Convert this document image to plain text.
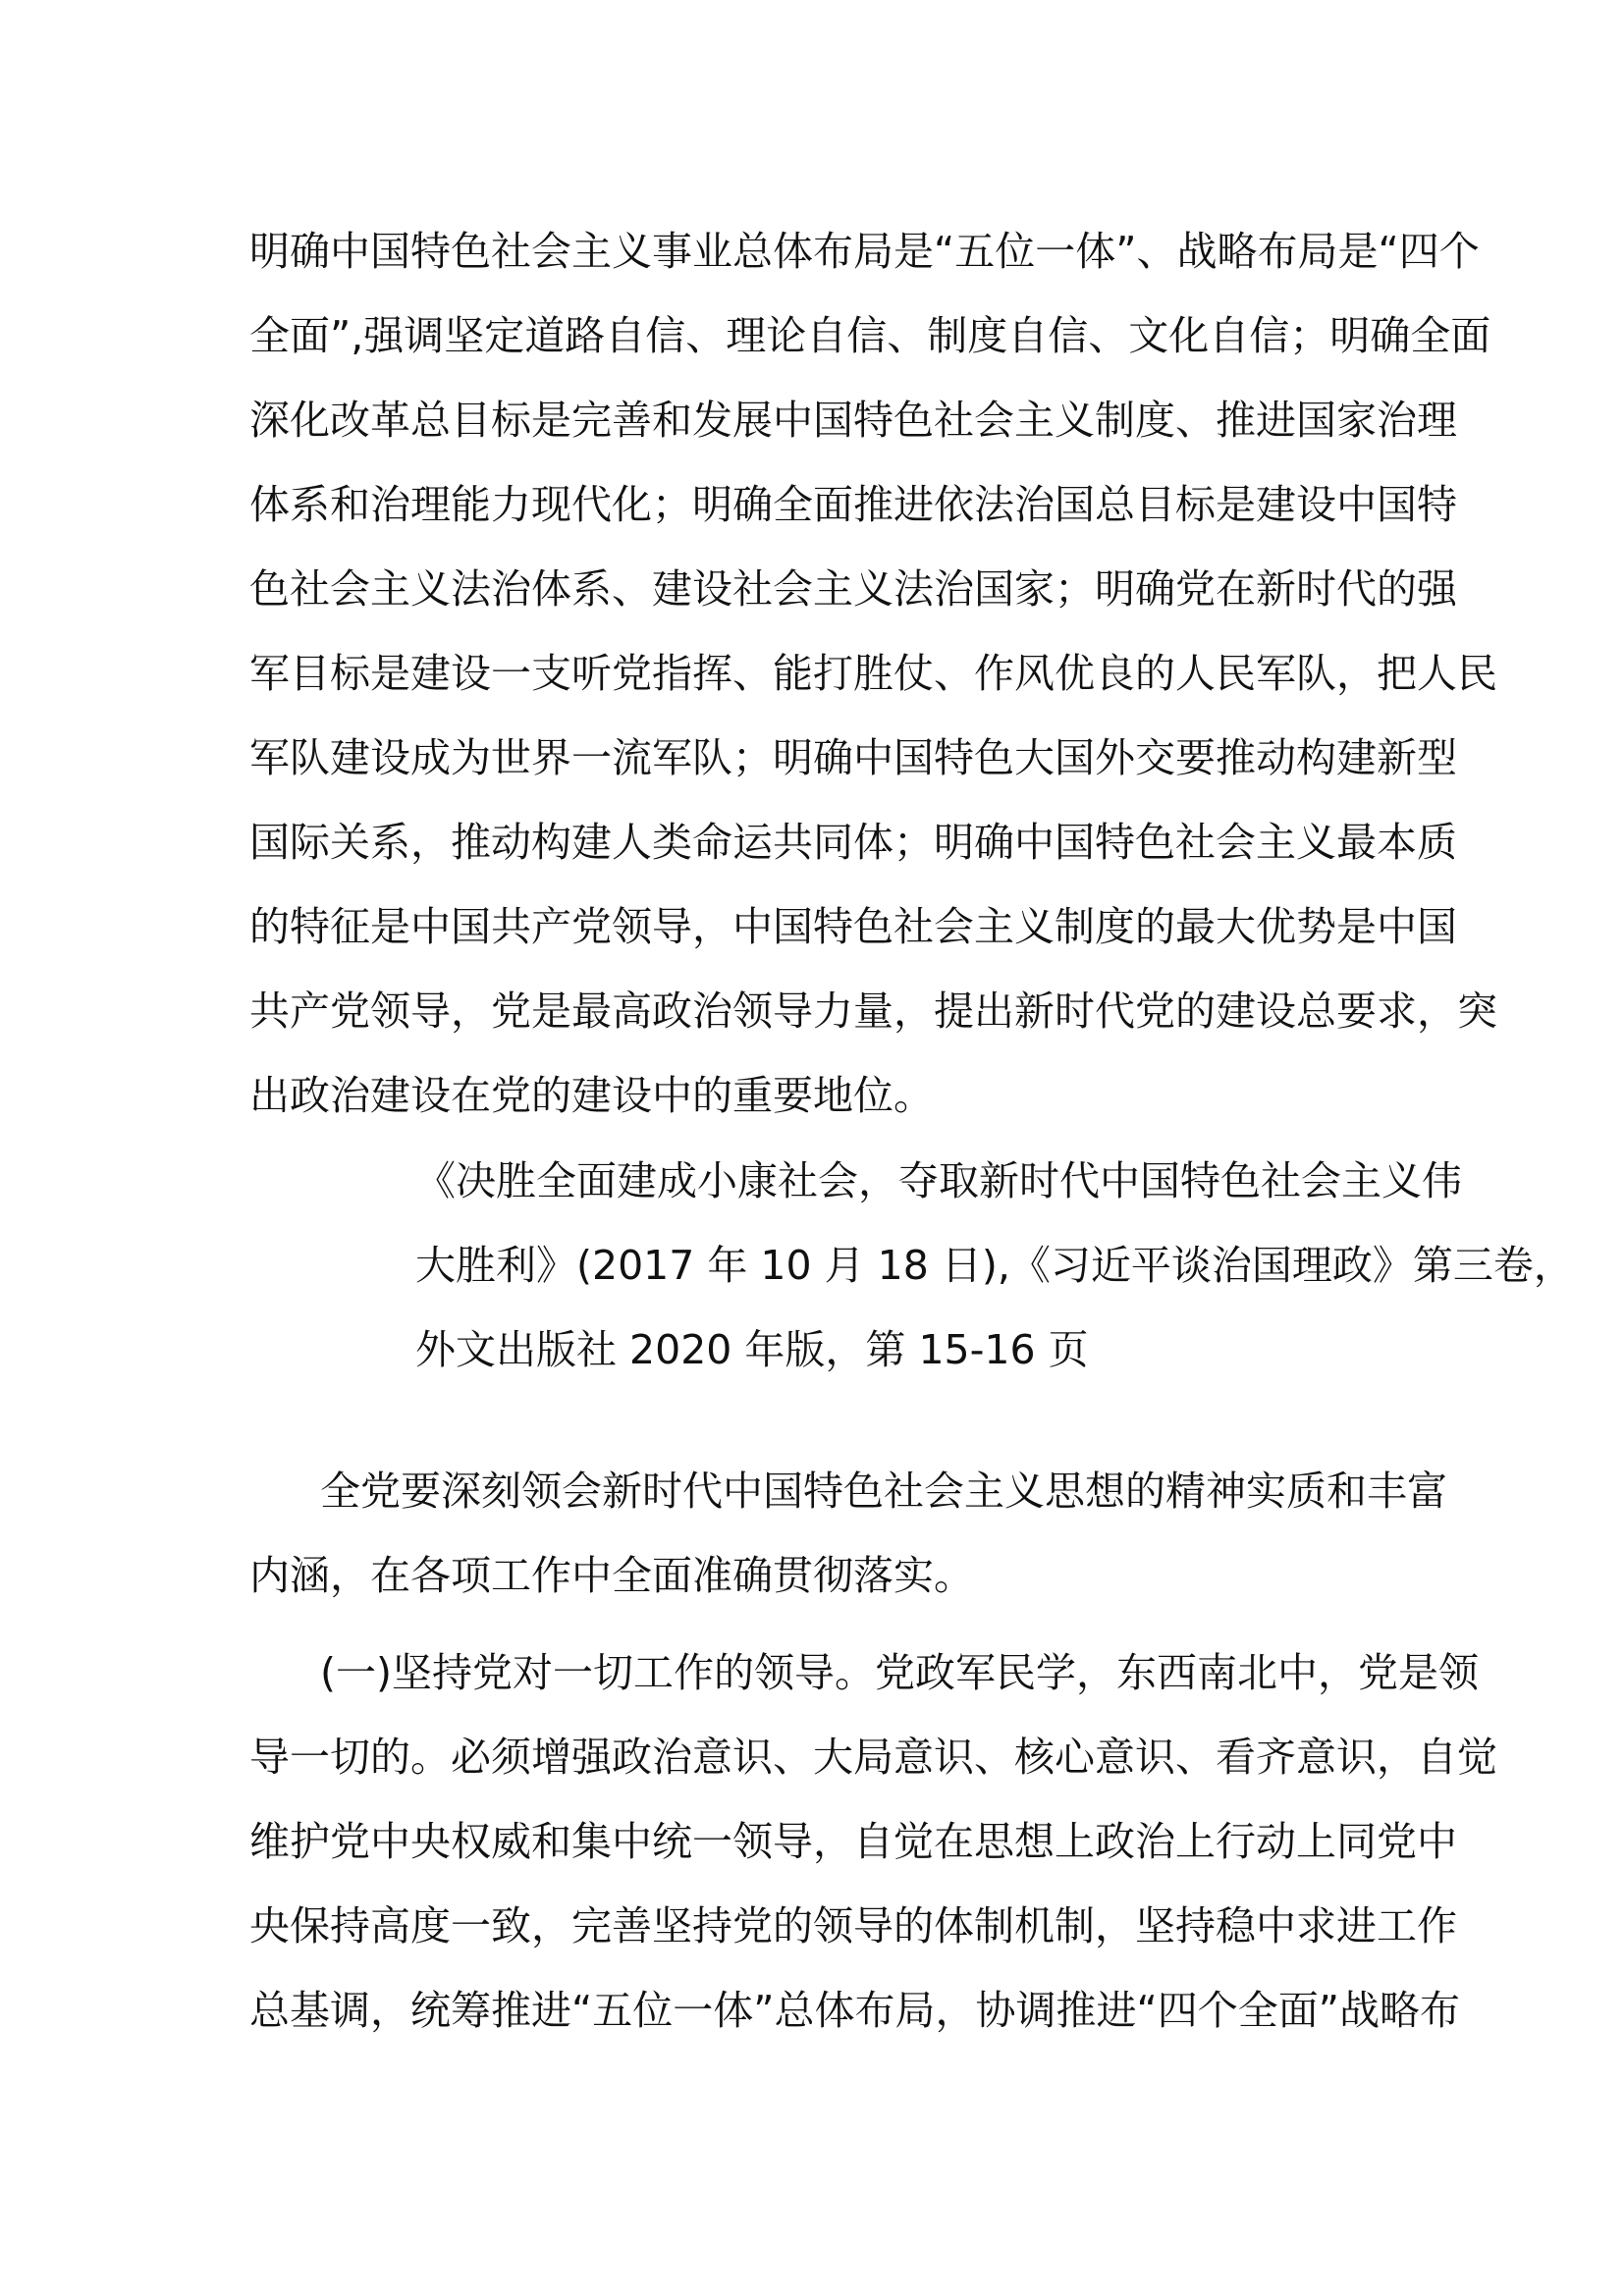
明确中国特色社会主义事业总体布局是“五位一体”、战略布局是“四个
全面”,强调坚定道路自信、理论自信、制度自信、文化自信；明确全面
深化改革总目标是完善和发展中国特色社会主义制度、推进国家治理
体系和治理能力现代化；明确全面推进依法治国总目标是建设中国特
色社会主义法治体系、建设社会主义法治国家；明确党在新时代的强
军目标是建设一支听党指挥、能打胜仗、作风优良的人民军队，把人民
军队建设成为世界一流军队；明确中国特色大国外交要推动构建新型
国际关系，推动构建人类命运共同体；明确中国特色社会主义最本质
的特征是中国共产党领导，中国特色社会主义制度的最大优势是中国
共产党领导，党是最高政治领导力量，提出新时代党的建设总要求，突
出政治建设在党的建设中的重要地位。
《决胜全面建成小康社会，夺取新时代中国特色社会主义伟
大胜利》(2017 年 10 月 18 日),《习近平谈治国理政》第三卷，
外文出版社 2020 年版，第 15-16 页
全党要深刻领会新时代中国特色社会主义思想的精神实质和丰富
内涵，在各项工作中全面准确贯彻落实。
(一)坚持党对一切工作的领导。党政军民学，东西南北中，党是领
导一切的。必须增强政治意识、大局意识、核心意识、看齐意识，自觉
维护党中央权威和集中统一领导，自觉在思想上政治上行动上同党中
央保持高度一致，完善坚持党的领导的体制机制，坚持稳中求进工作
总基调，统筹推进“五位一体”总体布局，协调推进“四个全面”战略布
